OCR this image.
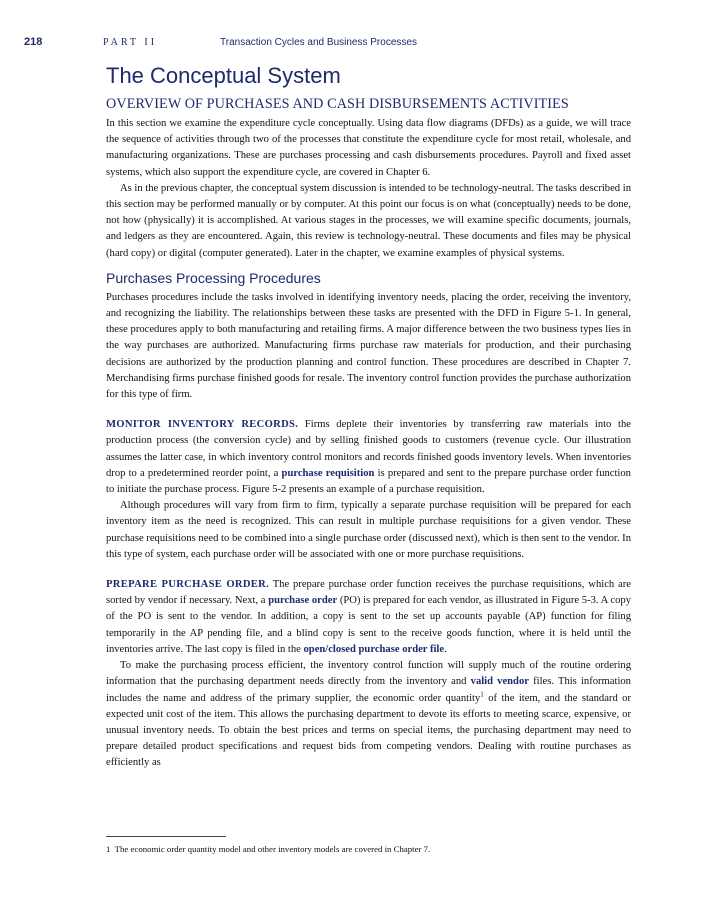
218	PART II	Transaction Cycles and Business Processes
The Conceptual System
OVERVIEW OF PURCHASES AND CASH DISBURSEMENTS ACTIVITIES

In this section we examine the expenditure cycle conceptually. Using data flow diagrams (DFDs) as a guide, we will trace the sequence of activities through two of the processes that constitute the expenditure cycle for most retail, wholesale, and manufacturing organizations. These are purchases processing and cash disbursements procedures. Payroll and fixed asset systems, which also support the expenditure cycle, are covered in Chapter 6.

As in the previous chapter, the conceptual system discussion is intended to be technology-neutral. The tasks described in this section may be performed manually or by computer. At this point our focus is on what (conceptually) needs to be done, not how (physically) it is accomplished. At various stages in the processes, we will examine specific documents, journals, and ledgers as they are encountered. Again, this review is technology-neutral. These documents and files may be physical (hard copy) or digital (computer generated). Later in the chapter, we examine examples of physical systems.

Purchases Processing Procedures

Purchases procedures include the tasks involved in identifying inventory needs, placing the order, receiving the inventory, and recognizing the liability. The relationships between these tasks are presented with the DFD in Figure 5-1. In general, these procedures apply to both manufacturing and retailing firms. A major difference between the two business types lies in the way purchases are authorized. Manufacturing firms purchase raw materials for production, and their purchasing decisions are authorized by the production planning and control function. These procedures are described in Chapter 7. Merchandising firms purchase finished goods for resale. The inventory control function provides the purchase authorization for this type of firm.

MONITOR INVENTORY RECORDS. Firms deplete their inventories by transferring raw materials into the production process (the conversion cycle) and by selling finished goods to customers (revenue cycle. Our illustration assumes the latter case, in which inventory control monitors and records finished goods inventory levels. When inventories drop to a predetermined reorder point, a purchase requisition is prepared and sent to the prepare purchase order function to initiate the purchase process. Figure 5-2 presents an example of a purchase requisition.

Although procedures will vary from firm to firm, typically a separate purchase requisition will be prepared for each inventory item as the need is recognized. This can result in multiple purchase requisitions for a given vendor. These purchase requisitions need to be combined into a single purchase order (discussed next), which is then sent to the vendor. In this type of system, each purchase order will be associated with one or more purchase requisitions.

PREPARE PURCHASE ORDER. The prepare purchase order function receives the purchase requisitions, which are sorted by vendor if necessary. Next, a purchase order (PO) is prepared for each vendor, as illustrated in Figure 5-3. A copy of the PO is sent to the vendor. In addition, a copy is sent to the set up accounts payable (AP) function for filing temporarily in the AP pending file, and a blind copy is sent to the receive goods function, where it is held until the inventories arrive. The last copy is filed in the open/closed purchase order file.

To make the purchasing process efficient, the inventory control function will supply much of the routine ordering information that the purchasing department needs directly from the inventory and valid vendor files. This information includes the name and address of the primary supplier, the economic order quantity$^1$ of the item, and the standard or expected unit cost of the item. This allows the purchasing department to devote its efforts to meeting scarce, expensive, or unusual inventory needs. To obtain the best prices and terms on special items, the purchasing department may need to prepare detailed product specifications and request bids from competing vendors. Dealing with routine purchases as efficiently as

1 The economic order quantity model and other inventory models are covered in Chapter 7.
